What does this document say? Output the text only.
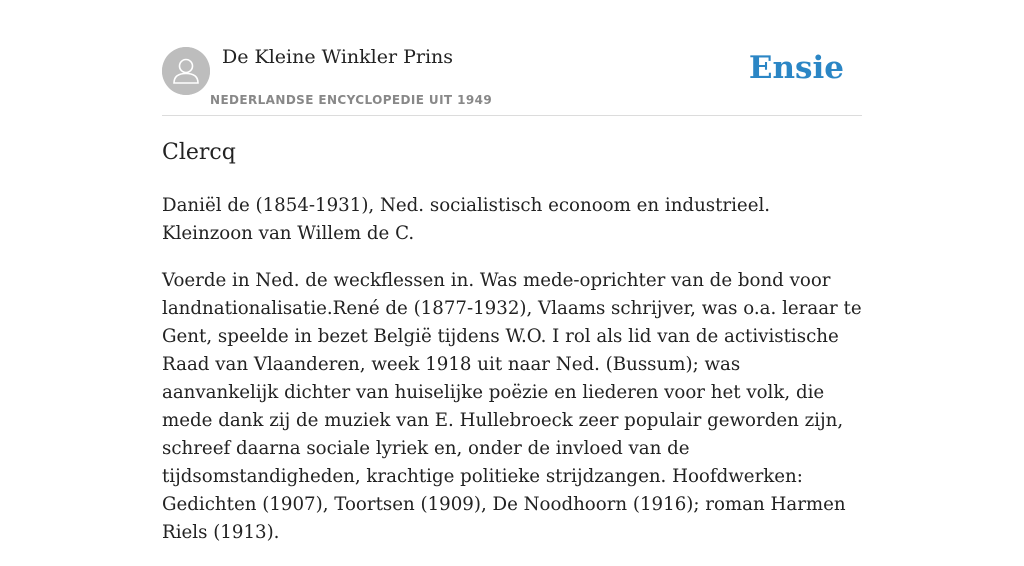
De Kleine Winkler Prins
NEDERLANDSE ENCYCLOPEDIE UIT 1949
Ensie
Clercq

Daniël de (1854-1931), Ned. socialistisch econoom en industrieel. Kleinzoon van Willem de C.

Voerde in Ned. de weckflessen in. Was mede-oprichter van de bond voor landnationalisatie.René de (1877-1932), Vlaams schrijver, was o.a. leraar te Gent, speelde in bezet België tijdens W.O. I rol als lid van de activistische Raad van Vlaanderen, week 1918 uit naar Ned. (Bussum); was aanvankelijk dichter van huiselijke poëzie en liederen voor het volk, die mede dank zij de muziek van E. Hullebroeck zeer populair geworden zijn, schreef daarna sociale lyriek en, onder de invloed van de tijdsomstandigheden, krachtige politieke strijdzangen. Hoofdwerken: Gedichten (1907), Toortsen (1909), De Noodhoorn (1916); roman Harmen Riels (1913).
